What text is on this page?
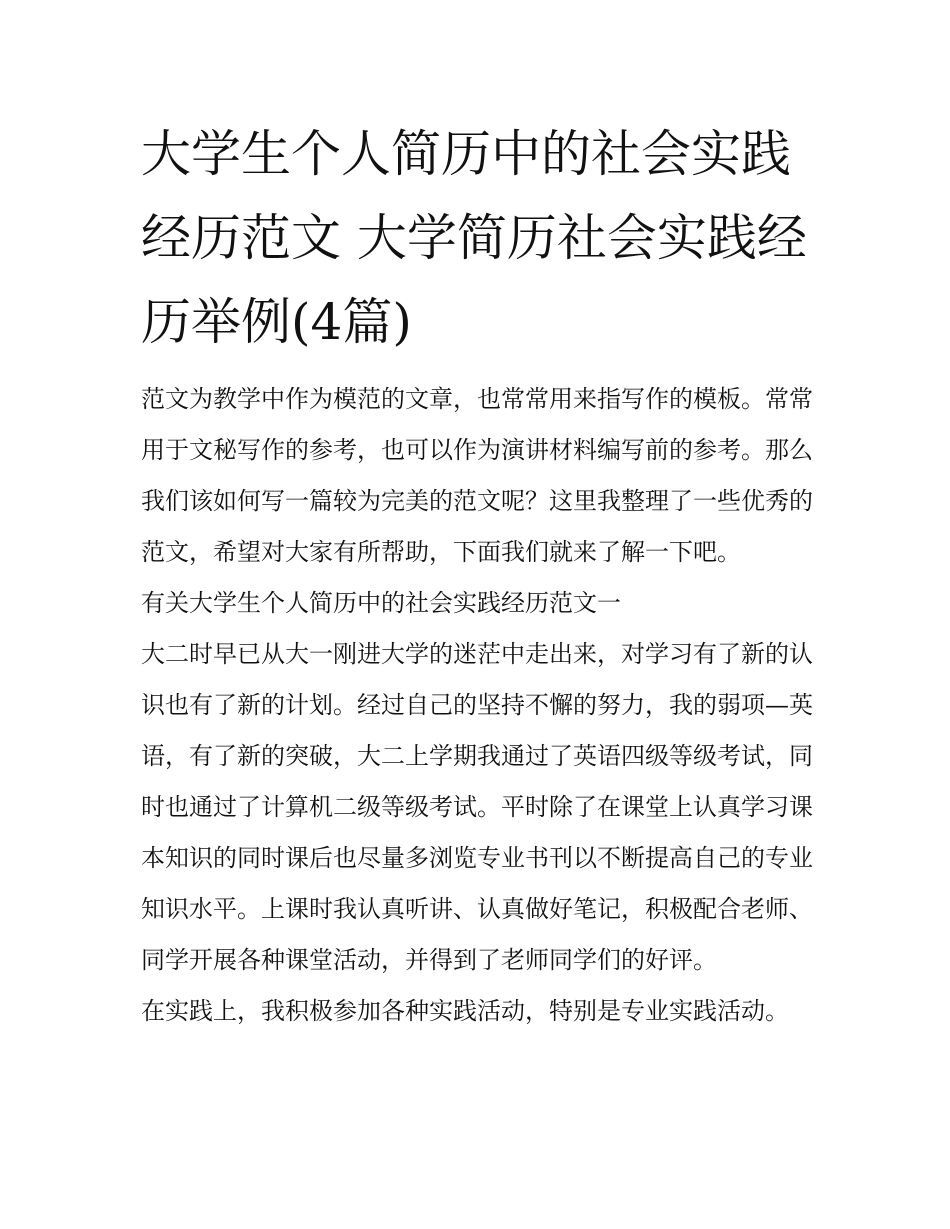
大学生个人简历中的社会实践经历范文 大学简历社会实践经历举例(4篇)

范文为教学中作为模范的文章，也常常用来指写作的模板。常常用于文秘写作的参考，也可以作为演讲材料编写前的参考。那么我们该如何写一篇较为完美的范文呢？这里我整理了一些优秀的范文，希望对大家有所帮助，下面我们就来了解一下吧。

有关大学生个人简历中的社会实践经历范文一

大二时早已从大一刚进大学的迷茫中走出来，对学习有了新的认识也有了新的计划。经过自己的坚持不懈的努力，我的弱项—英语，有了新的突破，大二上学期我通过了英语四级等级考试，同时也通过了计算机二级等级考试。平时除了在课堂上认真学习课本知识的同时课后也尽量多浏览专业书刊以不断提高自己的专业知识水平。上课时我认真听讲、认真做好笔记，积极配合老师、同学开展各种课堂活动，并得到了老师同学们的好评。

在实践上，我积极参加各种实践活动，特别是专业实践活动。
